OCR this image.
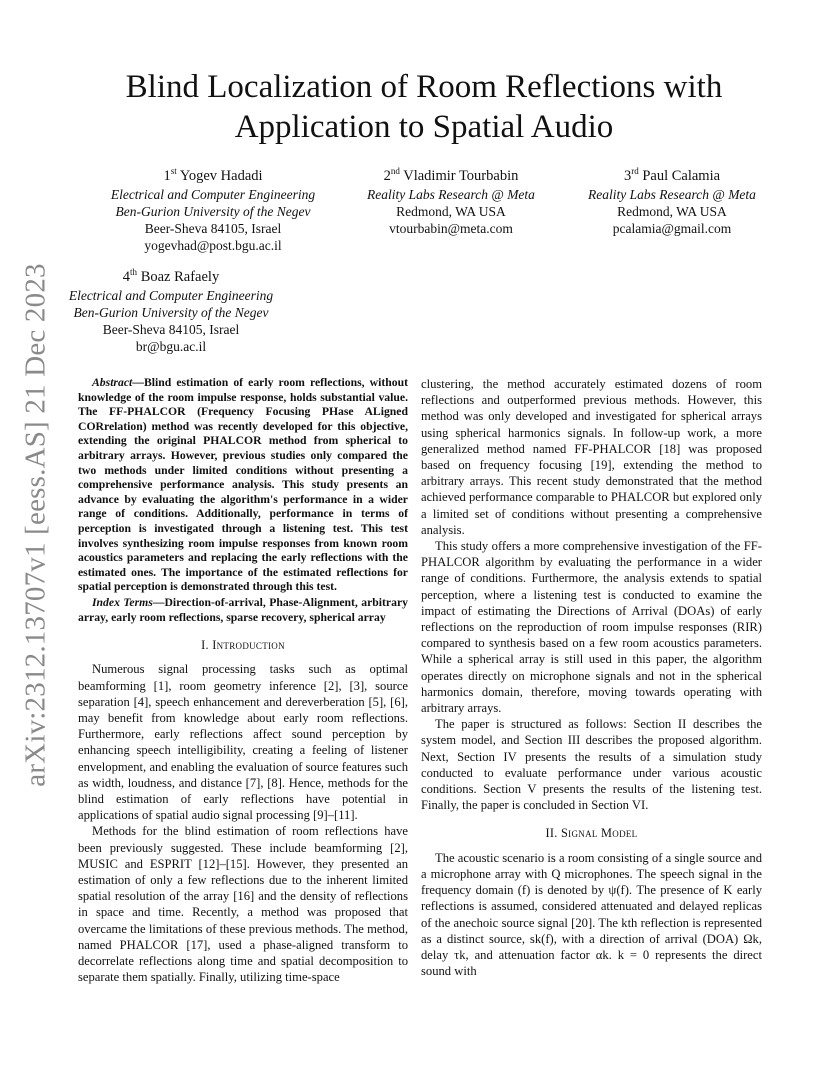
arXiv:2312.13707v1 [eess.AS] 21 Dec 2023
Blind Localization of Room Reflections with Application to Spatial Audio
1st Yogev Hadadi
Electrical and Computer Engineering
Ben-Gurion University of the Negev
Beer-Sheva 84105, Israel
yogevhad@post.bgu.ac.il
2nd Vladimir Tourbabin
Reality Labs Research @ Meta
Redmond, WA USA
vtourbabin@meta.com
3rd Paul Calamia
Reality Labs Research @ Meta
Redmond, WA USA
pcalamia@gmail.com
4th Boaz Rafaely
Electrical and Computer Engineering
Ben-Gurion University of the Negev
Beer-Sheva 84105, Israel
br@bgu.ac.il

Abstract—Blind estimation of early room reflections, without knowledge of the room impulse response, holds substantial value. The FF-PHALCOR (Frequency Focusing PHase ALigned CORrelation) method was recently developed for this objective, extending the original PHALCOR method from spherical to arbitrary arrays. However, previous studies only compared the two methods under limited conditions without presenting a comprehensive performance analysis. This study presents an advance by evaluating the algorithm's performance in a wider range of conditions. Additionally, performance in terms of perception is investigated through a listening test. This test involves synthesizing room impulse responses from known room acoustics parameters and replacing the early reflections with the estimated ones. The importance of the estimated reflections for spatial perception is demonstrated through this test.

Index Terms—Direction-of-arrival, Phase-Alignment, arbitrary array, early room reflections, sparse recovery, spherical array

I. Introduction

Numerous signal processing tasks such as optimal beamforming [1], room geometry inference [2], [3], source separation [4], speech enhancement and dereverberation [5], [6], may benefit from knowledge about early room reflections. Furthermore, early reflections affect sound perception by enhancing speech intelligibility, creating a feeling of listener envelopment, and enabling the evaluation of source features such as width, loudness, and distance [7], [8]. Hence, methods for the blind estimation of early reflections have potential in applications of spatial audio signal processing [9]–[11].

Methods for the blind estimation of room reflections have been previously suggested. These include beamforming [2], MUSIC and ESPRIT [12]–[15]. However, they presented an estimation of only a few reflections due to the inherent limited spatial resolution of the array [16] and the density of reflections in space and time. Recently, a method was proposed that overcame the limitations of these previous methods. The method, named PHALCOR [17], used a phase-aligned transform to decorrelate reflections along time and spatial decomposition to separate them spatially. Finally, utilizing time-space

clustering, the method accurately estimated dozens of room reflections and outperformed previous methods. However, this method was only developed and investigated for spherical arrays using spherical harmonics signals. In follow-up work, a more generalized method named FF-PHALCOR [18] was proposed based on frequency focusing [19], extending the method to arbitrary arrays. This recent study demonstrated that the method achieved performance comparable to PHALCOR but explored only a limited set of conditions without presenting a comprehensive analysis.

This study offers a more comprehensive investigation of the FF-PHALCOR algorithm by evaluating the performance in a wider range of conditions. Furthermore, the analysis extends to spatial perception, where a listening test is conducted to examine the impact of estimating the Directions of Arrival (DOAs) of early reflections on the reproduction of room impulse responses (RIR) compared to synthesis based on a few room acoustics parameters. While a spherical array is still used in this paper, the algorithm operates directly on microphone signals and not in the spherical harmonics domain, therefore, moving towards operating with arbitrary arrays.

The paper is structured as follows: Section II describes the system model, and Section III describes the proposed algorithm. Next, Section IV presents the results of a simulation study conducted to evaluate performance under various acoustic conditions. Section V presents the results of the listening test. Finally, the paper is concluded in Section VI.

II. Signal Model

The acoustic scenario is a room consisting of a single source and a microphone array with Q microphones. The speech signal in the frequency domain (f) is denoted by ψ(f). The presence of K early reflections is assumed, considered attenuated and delayed replicas of the anechoic source signal [20]. The kth reflection is represented as a distinct source, sk(f), with a direction of arrival (DOA) Ωk, delay τk, and attenuation factor αk. k = 0 represents the direct sound with
